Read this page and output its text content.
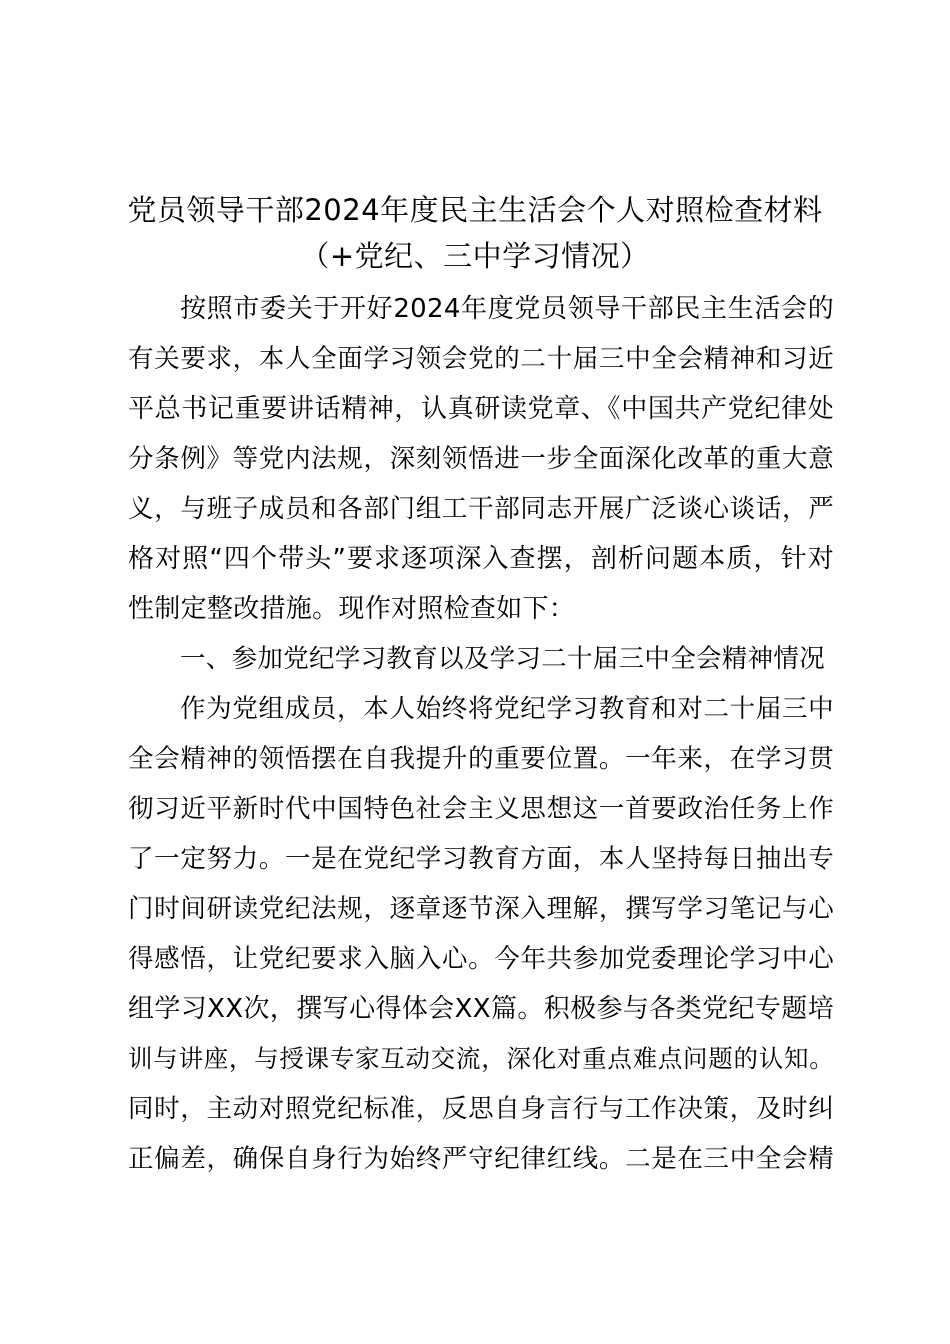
党员领导干部2024年度民主生活会个人对照检查材料
（+党纪、三中学习情况）
按照市委关于开好2024年度党员领导干部民主生活会的
有关要求，本人全面学习领会党的二十届三中全会精神和习近
平总书记重要讲话精神，认真研读党章、《中国共产党纪律处
分条例》等党内法规，深刻领悟进一步全面深化改革的重大意
义，与班子成员和各部门组工干部同志开展广泛谈心谈话，严
格对照“四个带头”要求逐项深入查摆，剖析问题本质，针对
性制定整改措施。现作对照检查如下：
一、参加党纪学习教育以及学习二十届三中全会精神情况
作为党组成员，本人始终将党纪学习教育和对二十届三中
全会精神的领悟摆在自我提升的重要位置。一年来，在学习贯
彻习近平新时代中国特色社会主义思想这一首要政治任务上作
了一定努力。一是在党纪学习教育方面，本人坚持每日抽出专
门时间研读党纪法规，逐章逐节深入理解，撰写学习笔记与心
得感悟，让党纪要求入脑入心。今年共参加党委理论学习中心
组学习XX次，撰写心得体会XX篇。积极参与各类党纪专题培
训与讲座，与授课专家互动交流，深化对重点难点问题的认知。
同时，主动对照党纪标准，反思自身言行与工作决策，及时纠
正偏差，确保自身行为始终严守纪律红线。二是在三中全会精
